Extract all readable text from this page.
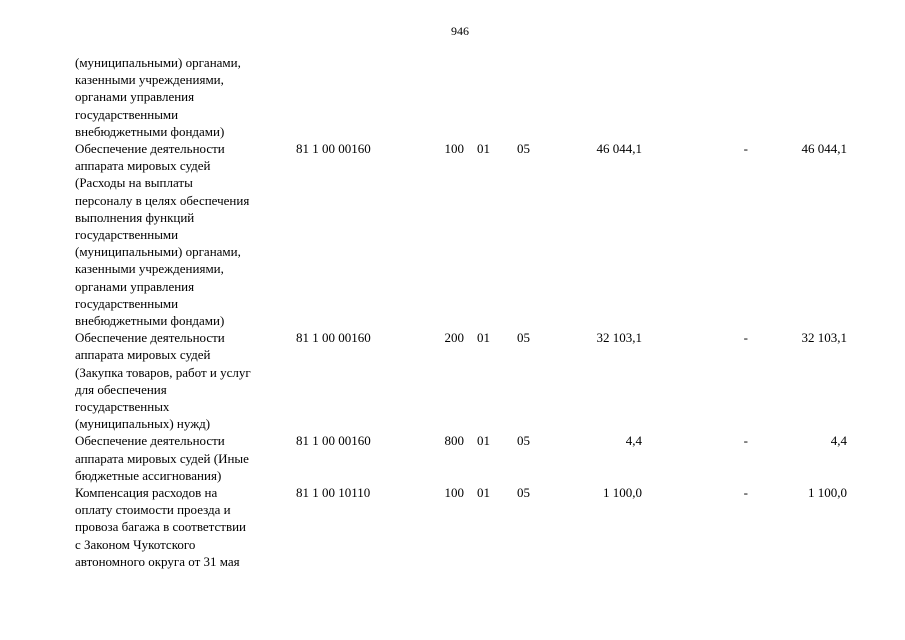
946
(муниципальными) органами,
казенными учреждениями,
органами управления
государственными
внебюджетными фондами)
Обеспечение деятельности
аппарата мировых судей
(Расходы на выплаты
персоналу в целях обеспечения
выполнения функций
государственными
(муниципальными) органами,
казенными учреждениями,
органами управления
государственными
внебюджетными фондами)
81 1 00 00160	100 01 05	46 044,1	-	46 044,1
Обеспечение деятельности
аппарата мировых судей
(Закупка товаров, работ и услуг
для обеспечения
государственных
(муниципальных) нужд)
81 1 00 00160	200 01 05	32 103,1	-	32 103,1
Обеспечение деятельности
аппарата мировых судей (Иные
бюджетные ассигнования)
81 1 00 00160	800 01 05	4,4	-	4,4
Компенсация расходов на
оплату стоимости проезда и
провоза багажа в соответствии
с Законом Чукотского
автономного округа от 31 мая
81 1 00 10110	100 01 05	1 100,0	-	1 100,0
